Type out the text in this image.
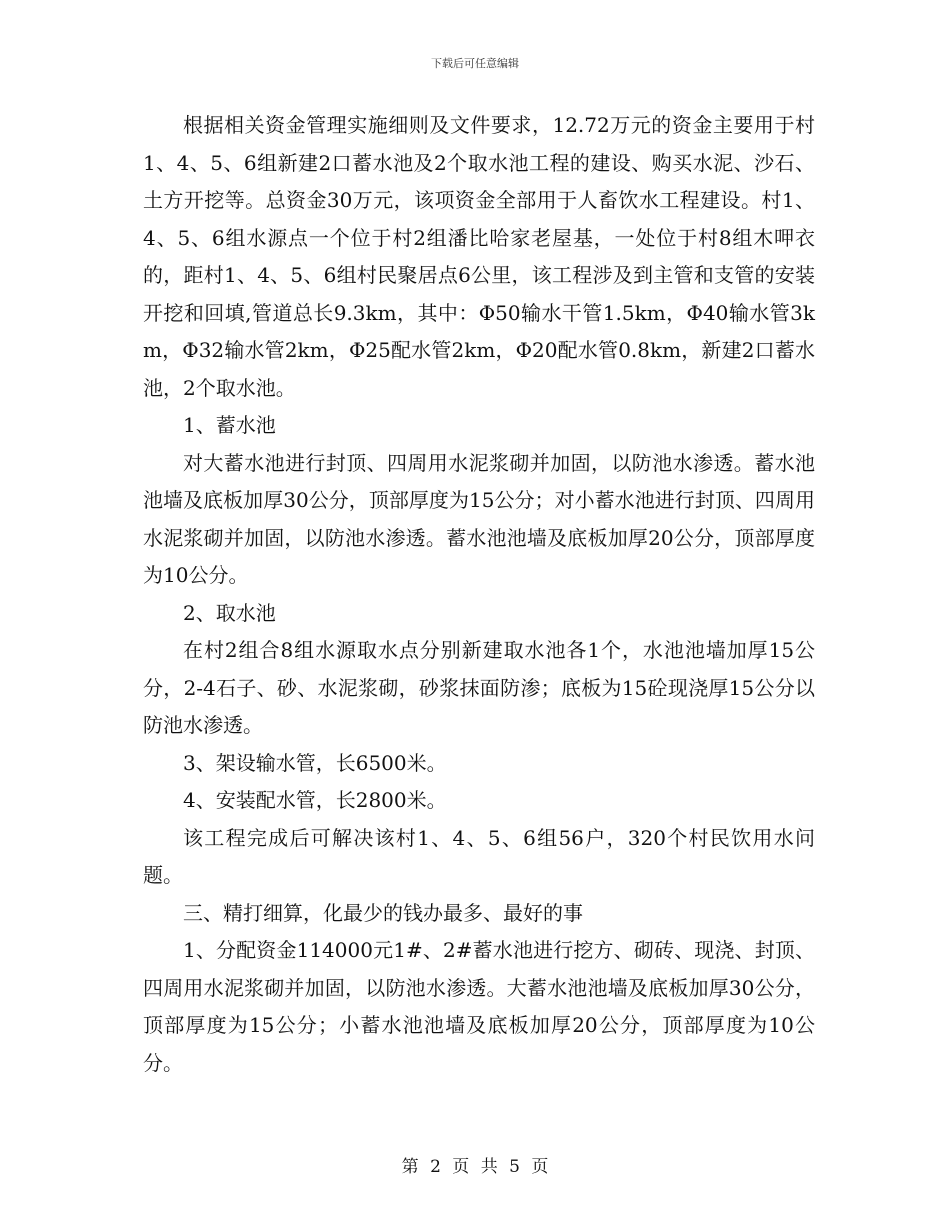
下载后可任意编辑

根据相关资金管理实施细则及文件要求，12.72万元的资金主要用于村1、4、5、6组新建2口蓄水池及2个取水池工程的建设、购买水泥、沙石、土方开挖等。总资金30万元，该项资金全部用于人畜饮水工程建设。村1、4、5、6组水源点一个位于村2组潘比哈家老屋基，一处位于村8组木呷衣的，距村1、4、5、6组村民聚居点6公里，该工程涉及到主管和支管的安装开挖和回填,管道总长9.3km，其中：Φ50输水干管1.5km，Φ40输水管3km，Φ32输水管2km，Φ25配水管2km，Φ20配水管0.8km，新建2口蓄水池，2个取水池。

1、蓄水池

对大蓄水池进行封顶、四周用水泥浆砌并加固，以防池水渗透。蓄水池池墙及底板加厚30公分，顶部厚度为15公分；对小蓄水池进行封顶、四周用水泥浆砌并加固，以防池水渗透。蓄水池池墙及底板加厚20公分，顶部厚度为10公分。

2、取水池

在村2组合8组水源取水点分别新建取水池各1个，水池池墙加厚15公分，2-4石子、砂、水泥浆砌，砂浆抹面防渗；底板为15砼现浇厚15公分以防池水渗透。

3、架设输水管，长6500米。

4、安装配水管，长2800米。

该工程完成后可解决该村1、4、5、6组56户，320个村民饮用水问题。

三、精打细算，化最少的钱办最多、最好的事

1、分配资金114000元1#、2#蓄水池进行挖方、砌砖、现浇、封顶、四周用水泥浆砌并加固，以防池水渗透。大蓄水池池墙及底板加厚30公分，顶部厚度为15公分；小蓄水池池墙及底板加厚20公分，顶部厚度为10公分。

第 2 页 共 5 页
